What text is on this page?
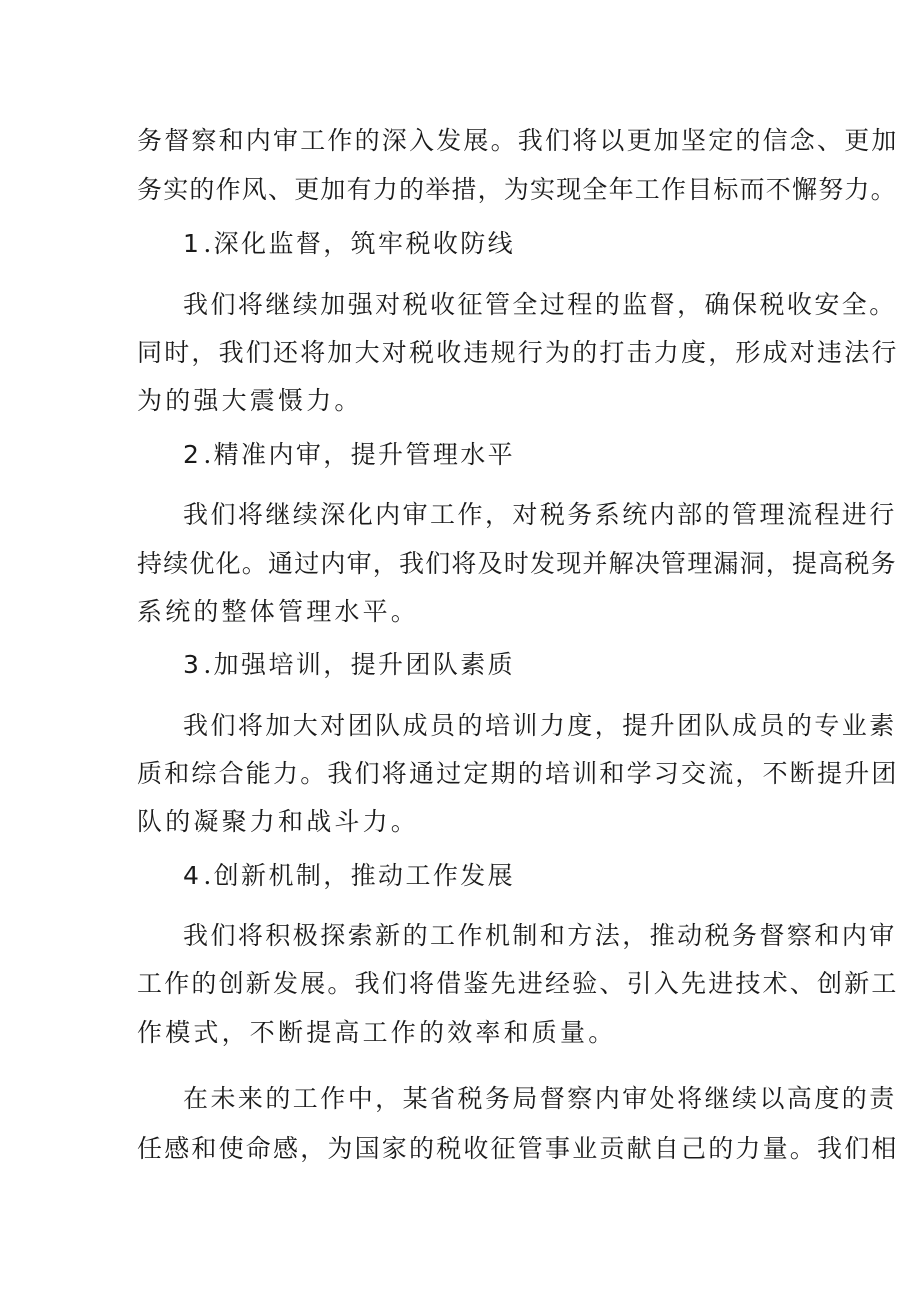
务督察和内审工作的深入发展。我们将以更加坚定的信念、更加
务实的作风、更加有力的举措，为实现全年工作目标而不懈努力。
1.深化监督，筑牢税收防线
我们将继续加强对税收征管全过程的监督，确保税收安全。
同时，我们还将加大对税收违规行为的打击力度，形成对违法行
为的强大震慑力。
2.精准内审，提升管理水平
我们将继续深化内审工作，对税务系统内部的管理流程进行
持续优化。通过内审，我们将及时发现并解决管理漏洞，提高税务
系统的整体管理水平。
3.加强培训，提升团队素质
我们将加大对团队成员的培训力度，提升团队成员的专业素
质和综合能力。我们将通过定期的培训和学习交流，不断提升团
队的凝聚力和战斗力。
4.创新机制，推动工作发展
我们将积极探索新的工作机制和方法，推动税务督察和内审
工作的创新发展。我们将借鉴先进经验、引入先进技术、创新工
作模式，不断提高工作的效率和质量。
在未来的工作中，某省税务局督察内审处将继续以高度的责
任感和使命感，为国家的税收征管事业贡献自己的力量。我们相
